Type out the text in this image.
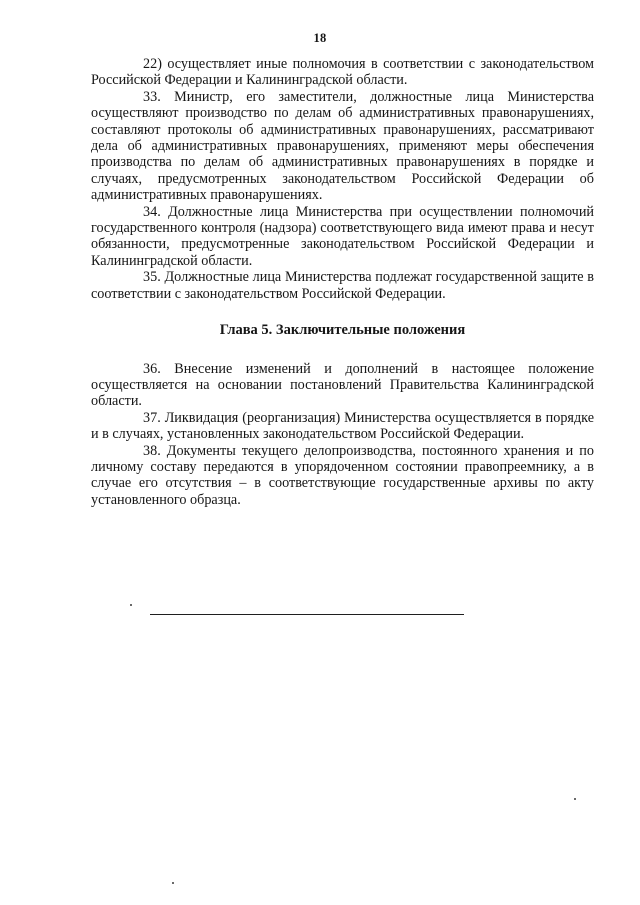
18

22) осуществляет иные полномочия в соответствии с законодательством Российской Федерации и Калининградской области.

33. Министр, его заместители, должностные лица Министерства осуществляют производство по делам об административных правонарушениях, составляют протоколы об административных правонарушениях, рассматривают дела об административных правонарушениях, применяют меры обеспечения производства по делам об административных правонарушениях в порядке и случаях, предусмотренных законодательством Российской Федерации об административных правонарушениях.

34. Должностные лица Министерства при осуществлении полномочий государственного контроля (надзора) соответствующего вида имеют права и несут обязанности, предусмотренные законодательством Российской Федерации и Калининградской области.

35. Должностные лица Министерства подлежат государственной защите в соответствии с законодательством Российской Федерации.

Глава 5. Заключительные положения

36. Внесение изменений и дополнений в настоящее положение осуществляется на основании постановлений Правительства Калининградской области.

37. Ликвидация (реорганизация) Министерства осуществляется в порядке и в случаях, установленных законодательством Российской Федерации.

38. Документы текущего делопроизводства, постоянного хранения и по личному составу передаются в упорядоченном состоянии правопреемнику, а в случае его отсутствия – в соответствующие государственные архивы по акту установленного образца.
